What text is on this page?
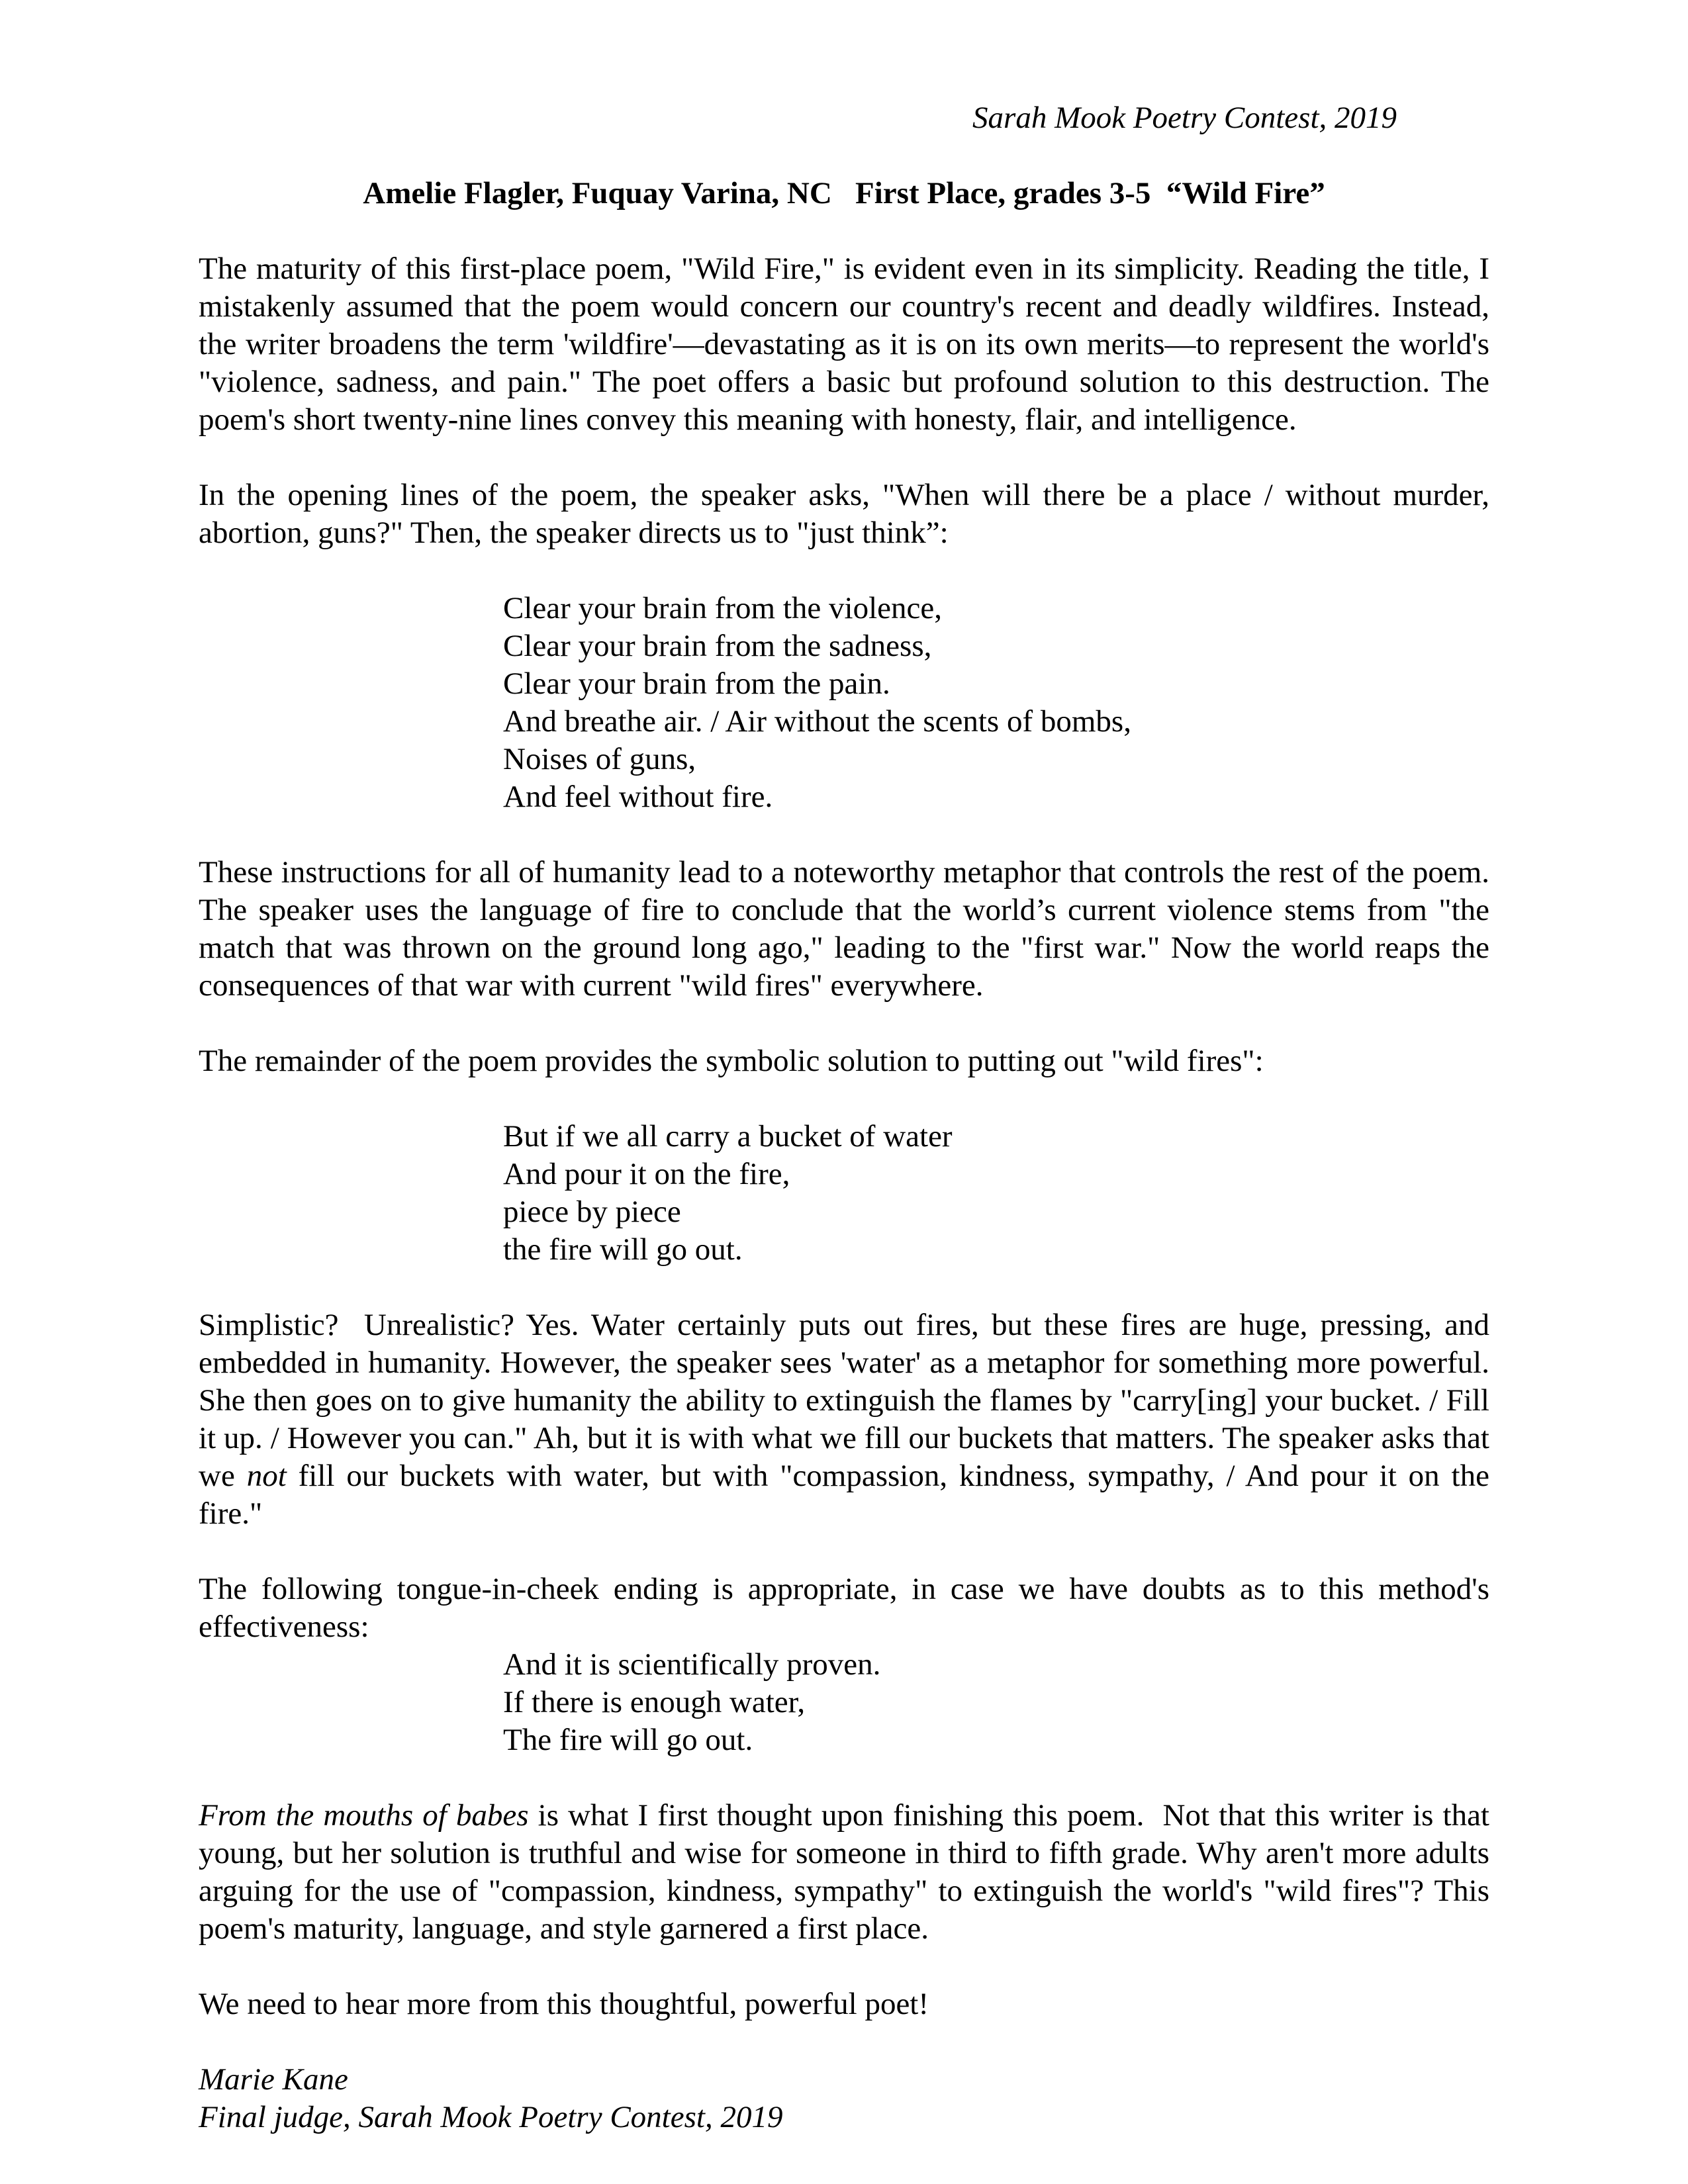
Sarah Mook Poetry Contest, 2019
Amelie Flagler, Fuquay Varina, NC   First Place, grades 3-5  “Wild Fire”

The maturity of this first-place poem, "Wild Fire," is evident even in its simplicity. Reading the title, I mistakenly assumed that the poem would concern our country's recent and deadly wildfires. Instead, the writer broadens the term 'wildfire'—devastating as it is on its own merits—to represent the world's "violence, sadness, and pain." The poet offers a basic but profound solution to this destruction. The poem's short twenty-nine lines convey this meaning with honesty, flair, and intelligence.

In the opening lines of the poem, the speaker asks, "When will there be a place / without murder, abortion, guns?" Then, the speaker directs us to "just think”:

Clear your brain from the violence,
Clear your brain from the sadness,
Clear your brain from the pain.
And breathe air. / Air without the scents of bombs,
Noises of guns,
And feel without fire.

These instructions for all of humanity lead to a noteworthy metaphor that controls the rest of the poem. The speaker uses the language of fire to conclude that the world’s current violence stems from "the match that was thrown on the ground long ago," leading to the "first war." Now the world reaps the consequences of that war with current "wild fires" everywhere.

The remainder of the poem provides the symbolic solution to putting out "wild fires":

But if we all carry a bucket of water
And pour it on the fire,
piece by piece
the fire will go out.

Simplistic?  Unrealistic? Yes. Water certainly puts out fires, but these fires are huge, pressing, and embedded in humanity. However, the speaker sees 'water' as a metaphor for something more powerful. She then goes on to give humanity the ability to extinguish the flames by "carry[ing] your bucket. / Fill it up. / However you can." Ah, but it is with what we fill our buckets that matters. The speaker asks that we not fill our buckets with water, but with "compassion, kindness, sympathy, / And pour it on the fire."

The following tongue-in-cheek ending is appropriate, in case we have doubts as to this method's effectiveness:

And it is scientifically proven.
If there is enough water,
The fire will go out.

From the mouths of babes is what I first thought upon finishing this poem.  Not that this writer is that young, but her solution is truthful and wise for someone in third to fifth grade. Why aren't more adults arguing for the use of "compassion, kindness, sympathy" to extinguish the world's "wild fires"? This poem's maturity, language, and style garnered a first place.

We need to hear more from this thoughtful, powerful poet!

Marie Kane
Final judge, Sarah Mook Poetry Contest, 2019
